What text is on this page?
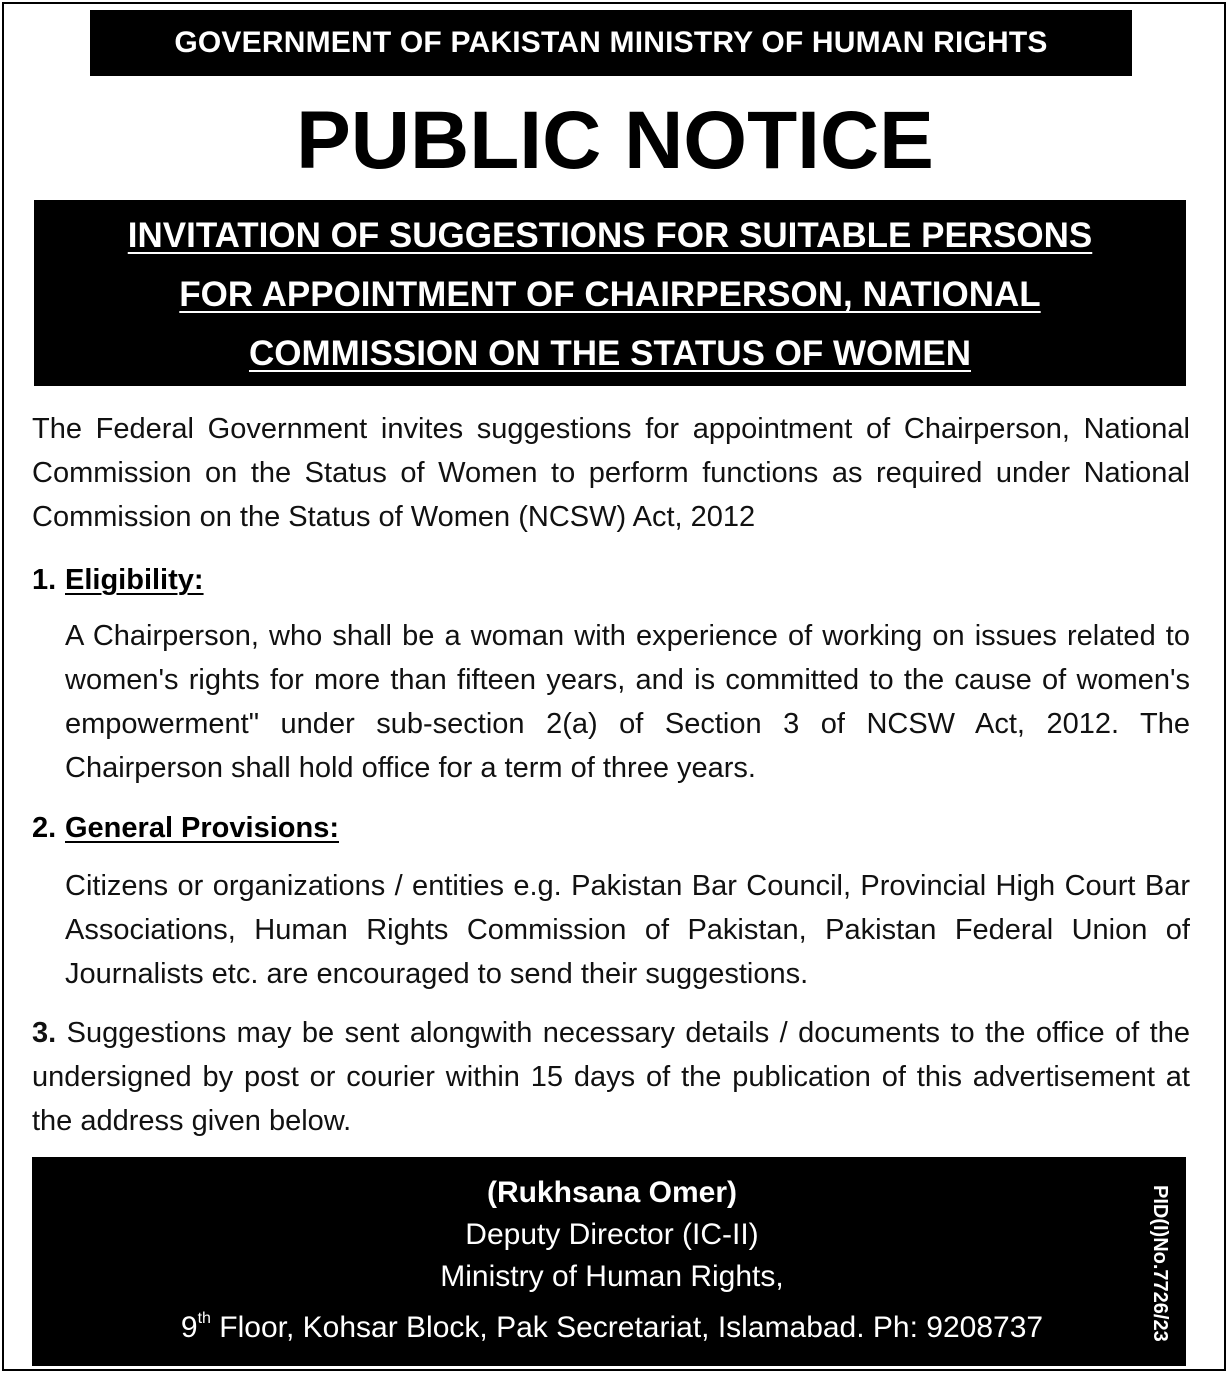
GOVERNMENT OF PAKISTAN MINISTRY OF HUMAN RIGHTS
PUBLIC NOTICE
INVITATION OF SUGGESTIONS FOR SUITABLE PERSONS
FOR APPOINTMENT OF CHAIRPERSON, NATIONAL
COMMISSION ON THE STATUS OF WOMEN
The Federal Government invites suggestions for appointment of Chairperson, National Commission on the Status of Women to perform functions as required under National Commission on the Status of Women (NCSW) Act, 2012
1. Eligibility:
A Chairperson, who shall be a woman with experience of working on issues related to women's rights for more than fifteen years, and is committed to the cause of women's empowerment" under sub-section 2(a) of Section 3 of NCSW Act, 2012. The Chairperson shall hold office for a term of three years.
2. General Provisions:
Citizens or organizations / entities e.g. Pakistan Bar Council, Provincial High Court Bar Associations, Human Rights Commission of Pakistan, Pakistan Federal Union of Journalists etc. are encouraged to send their suggestions.
3. Suggestions may be sent alongwith necessary details / documents to the office of the undersigned by post or courier within 15 days of the publication of this advertisement at the address given below.
(Rukhsana Omer)
Deputy Director (IC-II)
Ministry of Human Rights,
9th Floor, Kohsar Block, Pak Secretariat, Islamabad. Ph: 9208737	PID(I)No.7726/23
